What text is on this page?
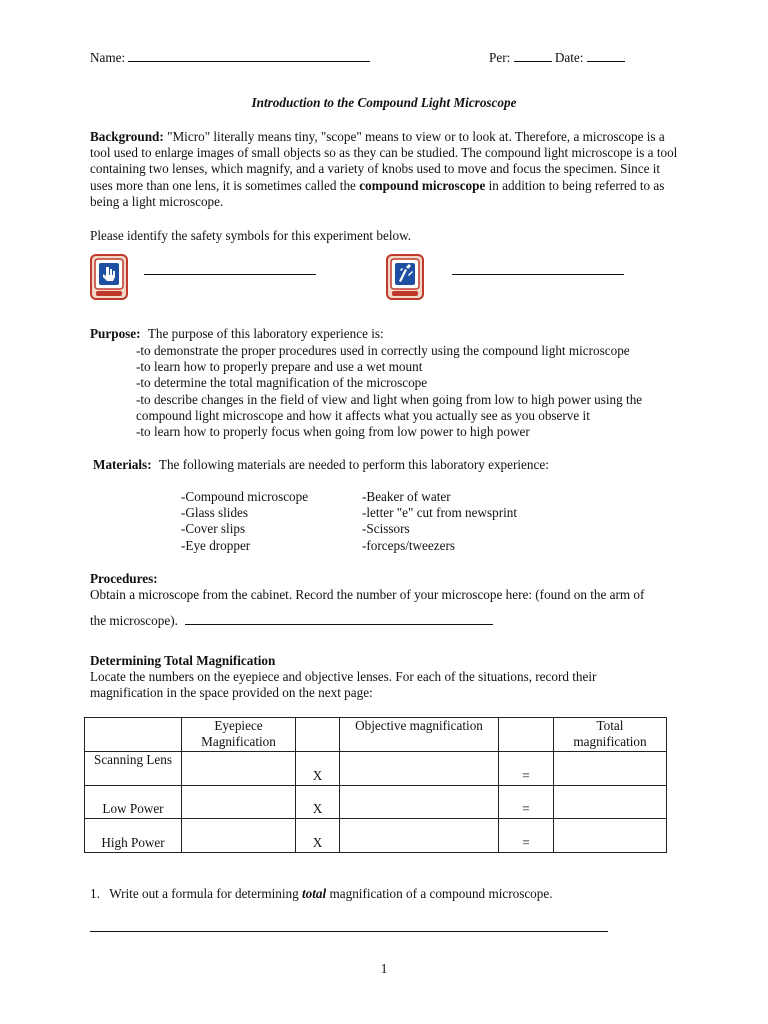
Name:	Per:	Date:
Introduction to the Compound Light Microscope
Background: "Micro" literally means tiny, "scope" means to view or to look at. Therefore, a microscope is a tool used to enlarge images of small objects so as they can be studied. The compound light microscope is a tool containing two lenses, which magnify, and a variety of knobs used to move and focus the specimen. Since it uses more than one lens, it is sometimes called the compound microscope in addition to being referred to as being a light microscope.
Please identify the safety symbols for this experiment below.
Purpose: The purpose of this laboratory experience is:
-to demonstrate the proper procedures used in correctly using the compound light microscope
-to learn how to properly prepare and use a wet mount
-to determine the total magnification of the microscope
-to describe changes in the field of view and light when going from low to high power using the
compound light microscope and how it affects what you actually see as you observe it
-to learn how to properly focus when going from low power to high power
Materials: The following materials are needed to perform this laboratory experience:
-Compound microscope
-Glass slides
-Cover slips
-Eye dropper
-Beaker of water
-letter "e" cut from newsprint
-Scissors
-forceps/tweezers
Procedures:
Obtain a microscope from the cabinet. Record the number of your microscope here: (found on the arm of
the microscope).
Determining Total Magnification
Locate the numbers on the eyepiece and objective lenses. For each of the situations, record their
magnification in the space provided on the next page:
	Eyepiece Magnification		Objective magnification		Total magnification
Scanning Lens		X		=	
Low Power		X		=	
High Power		X		=	
1. Write out a formula for determining total magnification of a compound microscope.
1
